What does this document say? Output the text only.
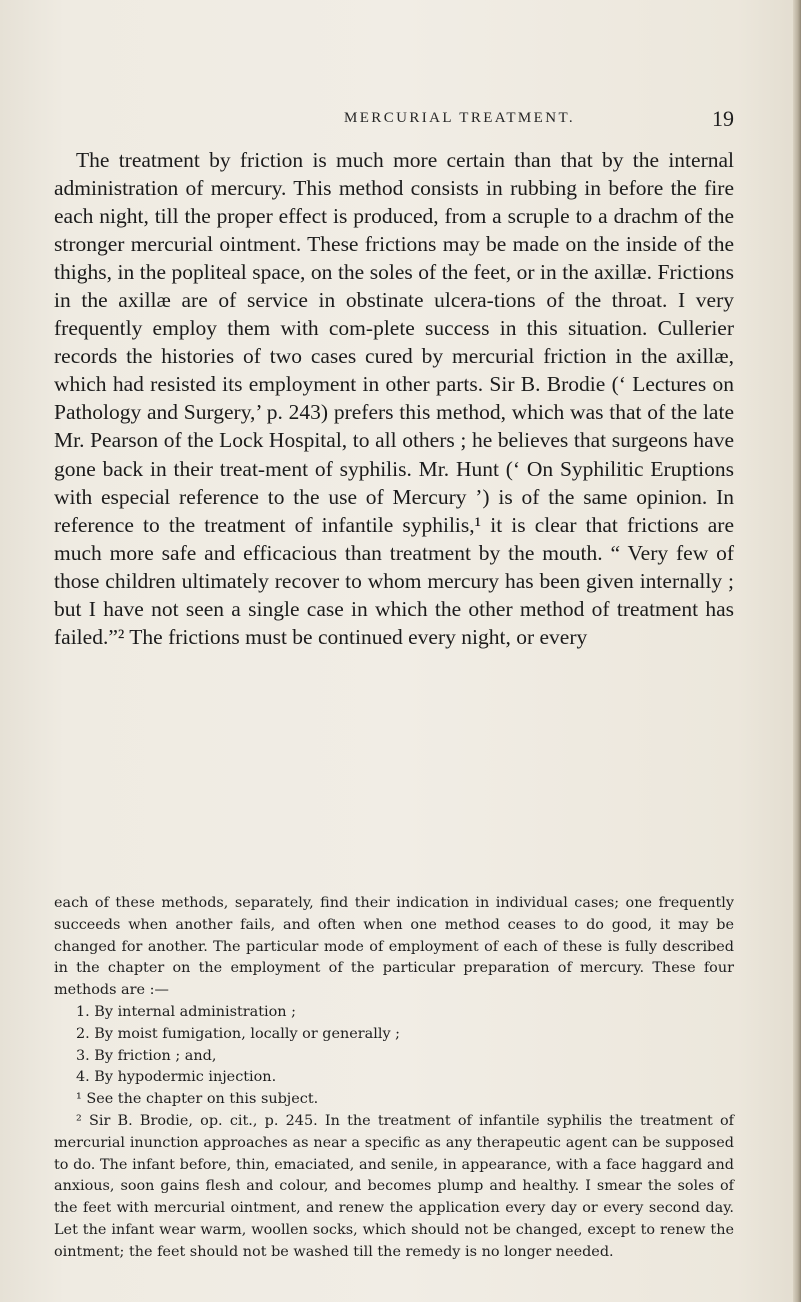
MERCURIAL TREATMENT.	19

The treatment by friction is much more certain than that by the internal administration of mercury. This method consists in rubbing in before the fire each night, till the proper effect is produced, from a scruple to a drachm of the stronger mercurial ointment. These frictions may be made on the inside of the thighs, in the popliteal space, on the soles of the feet, or in the axillæ. Frictions in the axillæ are of service in obstinate ulcera-tions of the throat. I very frequently employ them with com-plete success in this situation. Cullerier records the histories of two cases cured by mercurial friction in the axillæ, which had resisted its employment in other parts. Sir B. Brodie (‘ Lectures on Pathology and Surgery,’ p. 243) prefers this method, which was that of the late Mr. Pearson of the Lock Hospital, to all others ; he believes that surgeons have gone back in their treat-ment of syphilis. Mr. Hunt (‘ On Syphilitic Eruptions with especial reference to the use of Mercury ’) is of the same opinion. In reference to the treatment of infantile syphilis,¹ it is clear that frictions are much more safe and efficacious than treatment by the mouth. “ Very few of those children ultimately recover to whom mercury has been given internally ; but I have not seen a single case in which the other method of treatment has failed.”² The frictions must be continued every night, or every

each of these methods, separately, find their indication in individual cases; one frequently succeeds when another fails, and often when one method ceases to do good, it may be changed for another. The particular mode of employment of each of these is fully described in the chapter on the employment of the particular preparation of mercury. These four methods are :—

1. By internal administration ;

2. By moist fumigation, locally or generally ;

3. By friction ; and,

4. By hypodermic injection.

¹ See the chapter on this subject.

² Sir B. Brodie, op. cit., p. 245. In the treatment of infantile syphilis the treatment of mercurial inunction approaches as near a specific as any therapeutic agent can be supposed to do. The infant before, thin, emaciated, and senile, in appearance, with a face haggard and anxious, soon gains flesh and colour, and becomes plump and healthy. I smear the soles of the feet with mercurial ointment, and renew the application every day or every second day. Let the infant wear warm, woollen socks, which should not be changed, except to renew the ointment; the feet should not be washed till the remedy is no longer needed.
